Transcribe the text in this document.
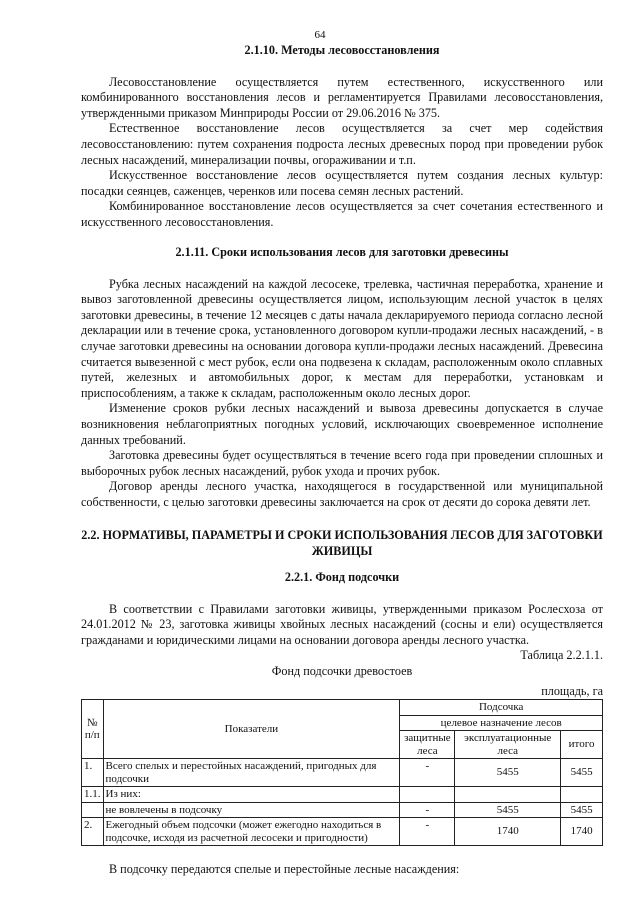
64
2.1.10. Методы лесовосстановления

Лесовосстановление осуществляется путем естественного, искусственного или комбинированного восстановления лесов и регламентируется Правилами лесовосстановления, утвержденными приказом Минприроды России от 29.06.2016 № 375.

Естественное восстановление лесов осуществляется за счет мер содействия лесовосстановлению: путем сохранения подроста лесных древесных пород при проведении рубок лесных насаждений, минерализации почвы, огораживании и т.п.

Искусственное восстановление лесов осуществляется путем создания лесных культур: посадки сеянцев, саженцев, черенков или посева семян лесных растений.

Комбинированное восстановление лесов осуществляется за счет сочетания естественного и искусственного лесовосстановления.

2.1.11. Сроки использования лесов для заготовки древесины

Рубка лесных насаждений на каждой лесосеке, трелевка, частичная переработка, хранение и вывоз заготовленной древесины осуществляется лицом, использующим лесной участок в целях заготовки древесины, в течение 12 месяцев с даты начала декларируемого периода согласно лесной декларации или в течение срока, установленного договором купли-продажи лесных насаждений, - в случае заготовки древесины на основании договора купли-продажи лесных насаждений. Древесина считается вывезенной с мест рубок, если она подвезена к складам, расположенным около сплавных путей, железных и автомобильных дорог, к местам для переработки, установкам и приспособлениям, а также к складам, расположенным около лесных дорог.

Изменение сроков рубки лесных насаждений и вывоза древесины допускается в случае возникновения неблагоприятных погодных условий, исключающих своевременное исполнение данных требований.

Заготовка древесины будет осуществляться в течение всего года при проведении сплошных и выборочных рубок лесных насаждений, рубок ухода и прочих рубок.

Договор аренды лесного участка, находящегося в государственной или муниципальной собственности, с целью заготовки древесины заключается на срок от десяти до сорока девяти лет.

2.2. НОРМАТИВЫ, ПАРАМЕТРЫ И СРОКИ ИСПОЛЬЗОВАНИЯ ЛЕСОВ ДЛЯ ЗАГОТОВКИ ЖИВИЦЫ
2.2.1. Фонд подсочки

В соответствии с Правилами заготовки живицы, утвержденными приказом Рослесхоза от 24.01.2012 № 23, заготовка живицы хвойных лесных насаждений (сосны и ели) осуществляется гражданами и юридическими лицами на основании договора аренды лесного участка.

Таблица 2.2.1.1.
Фонд подсочки древостоев
площадь, га
№ п/п	Показатели	Подсочка		
		целевое назначение лесов		
		защитные леса	эксплуатационные леса	итого
1.	Всего спелых и перестойных насаждений, пригодных для подсочки	-	5455	5455
1.1.	Из них:			
	не вовлечены в подсочку	-	5455	5455
2.	Ежегодный объем подсочки (может ежегодно находиться в подсочке, исходя из расчетной лесосеки и пригодности)	-	1740	1740

В подсочку передаются спелые и перестойные лесные насаждения:
